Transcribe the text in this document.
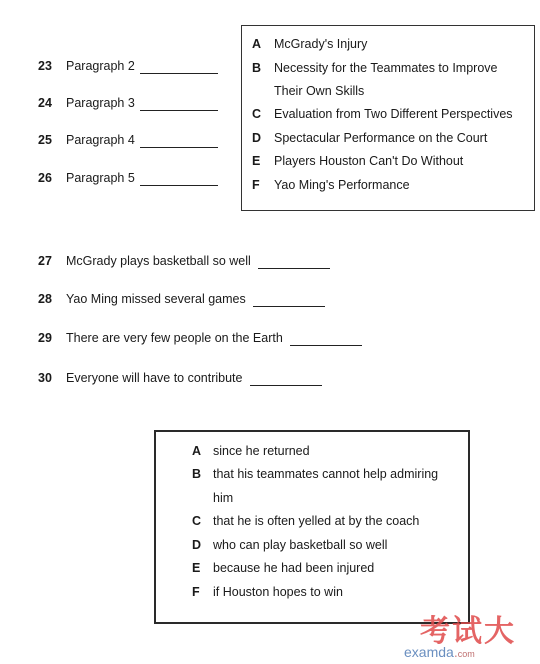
23 Paragraph 2
24 Paragraph 3
25 Paragraph 4
26 Paragraph 5
A McGrady's Injury
B Necessity for the Teammates to Improve
Their Own Skills
C Evaluation from Two Different Perspectives
D Spectacular Performance on the Court
E Players Houston Can't Do Without
F Yao Ming's Performance
27 McGrady plays basketball so well
28 Yao Ming missed several games
29 There are very few people on the Earth
30 Everyone will have to contribute
A since he returned
B that his teammates cannot help admiring
him
C that he is often yelled at by the coach
D who can play basketball so well
E because he had been injured
F if Houston hopes to win
考试大
examda.com
